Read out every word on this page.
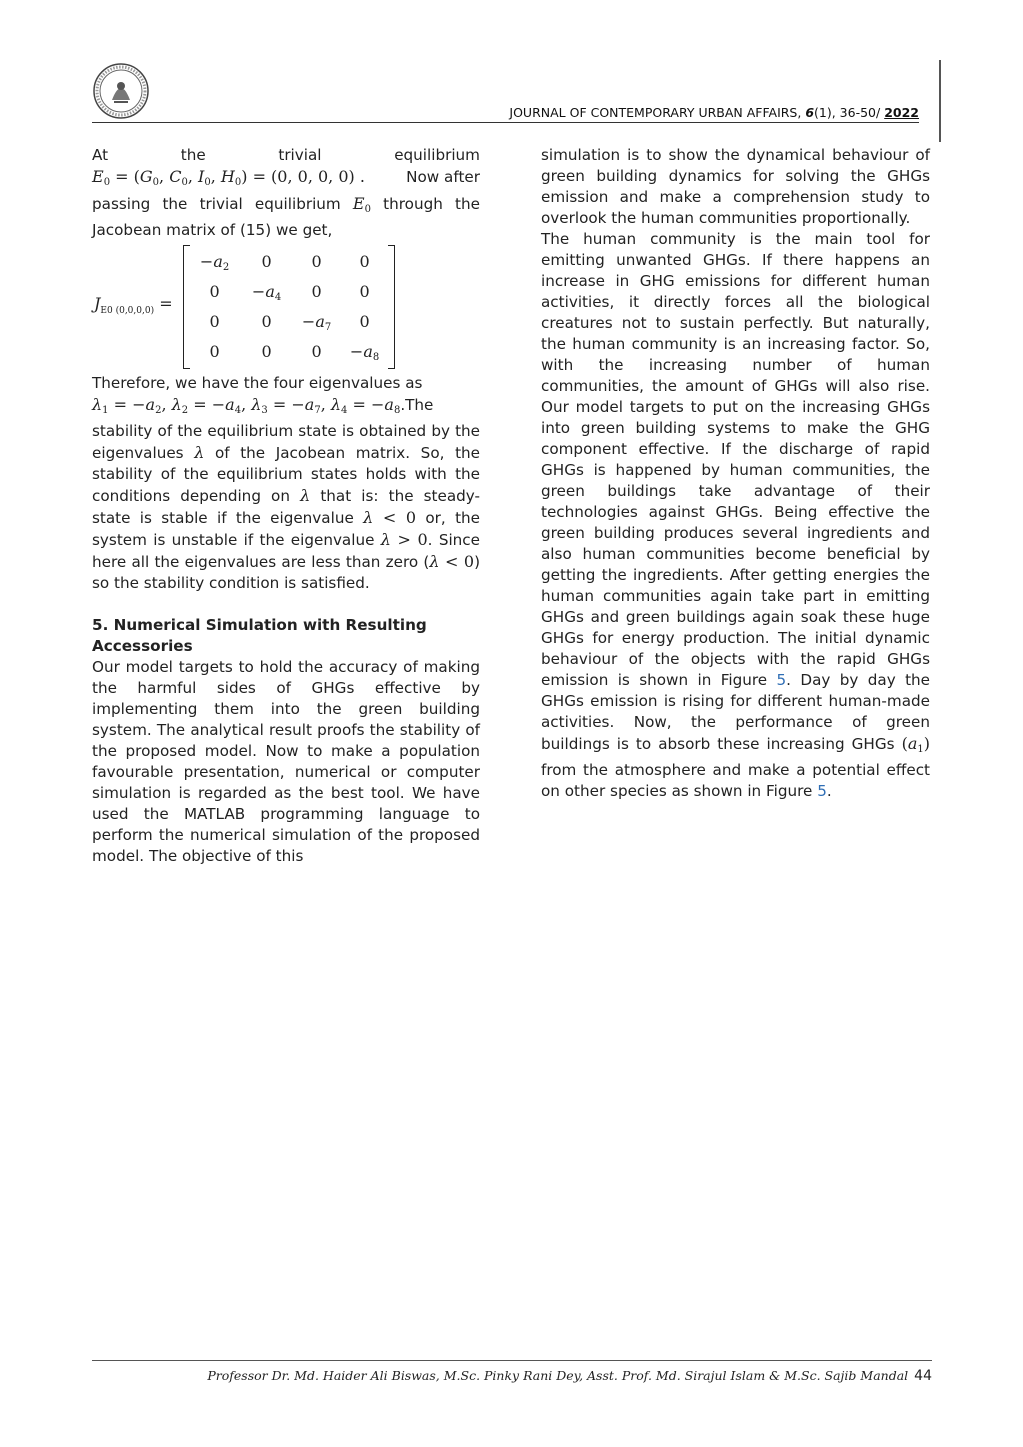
JOURNAL OF CONTEMPORARY URBAN AFFAIRS, 6(1), 36-50/ 2022
At	the	trivial	equilibrium
$E_0 = (G_0$, $C_0$, $I_0$, $H_0) = (0$, 0, 0, 0) .	Now after

passing the trivial equilibrium $E_0$ through the Jacobean matrix of (15) we get,

$J_{E0 (0,0,0,0)}$ =
$-a_2$	0	0	0
0	$-a_4$	0	0
0	0	$-a_7$	0
0	0	0	$-a_8$

Therefore, we have the four eigenvalues as

$\lambda_1 = -a_2$, $\lambda_2 = -a_4$, $\lambda_3 = -a_7$, $\lambda_4 = -a_8.The$

stability of the equilibrium state is obtained by the eigenvalues λ of the Jacobean matrix. So, the stability of the equilibrium states holds with the conditions depending on λ that is: the steady-state is stable if the eigenvalue λ < 0 or, the system is unstable if the eigenvalue λ > 0. Since here all the eigenvalues are less than zero (λ < 0) so the stability condition is satisfied.

5. Numerical Simulation with Resulting Accessories

Our model targets to hold the accuracy of making the harmful sides of GHGs effective by implementing them into the green building system. The analytical result proofs the stability of the proposed model. Now to make a population favourable presentation, numerical or computer simulation is regarded as the best tool. We have used the MATLAB programming language to perform the numerical simulation of the proposed model. The objective of this

simulation is to show the dynamical behaviour of green building dynamics for solving the GHGs emission and make a comprehension study to overlook the human communities proportionally.

The human community is the main tool for emitting unwanted GHGs. If there happens an increase in GHG emissions for different human activities, it directly forces all the biological creatures not to sustain perfectly. But naturally, the human community is an increasing factor. So, with the increasing number of human communities, the amount of GHGs will also rise. Our model targets to put on the increasing GHGs into green building systems to make the GHG component effective. If the discharge of rapid GHGs is happened by human communities, the green buildings take advantage of their technologies against GHGs. Being effective the green building produces several ingredients and also human communities become beneficial by getting the ingredients. After getting energies the human communities again take part in emitting GHGs and green buildings again soak these huge GHGs for energy production. The initial dynamic behaviour of the objects with the rapid GHGs emission is shown in Figure 5. Day by day the GHGs emission is rising for different human-made activities. Now, the performance of green buildings is to absorb these increasing GHGs $(a_1)$ from the atmosphere and make a potential effect on other species as shown in Figure 5.

Professor Dr. Md. Haider Ali Biswas, M.Sc. Pinky Rani Dey, Asst. Prof. Md. Sirajul Islam & M.Sc. Sajib Mandal 44
